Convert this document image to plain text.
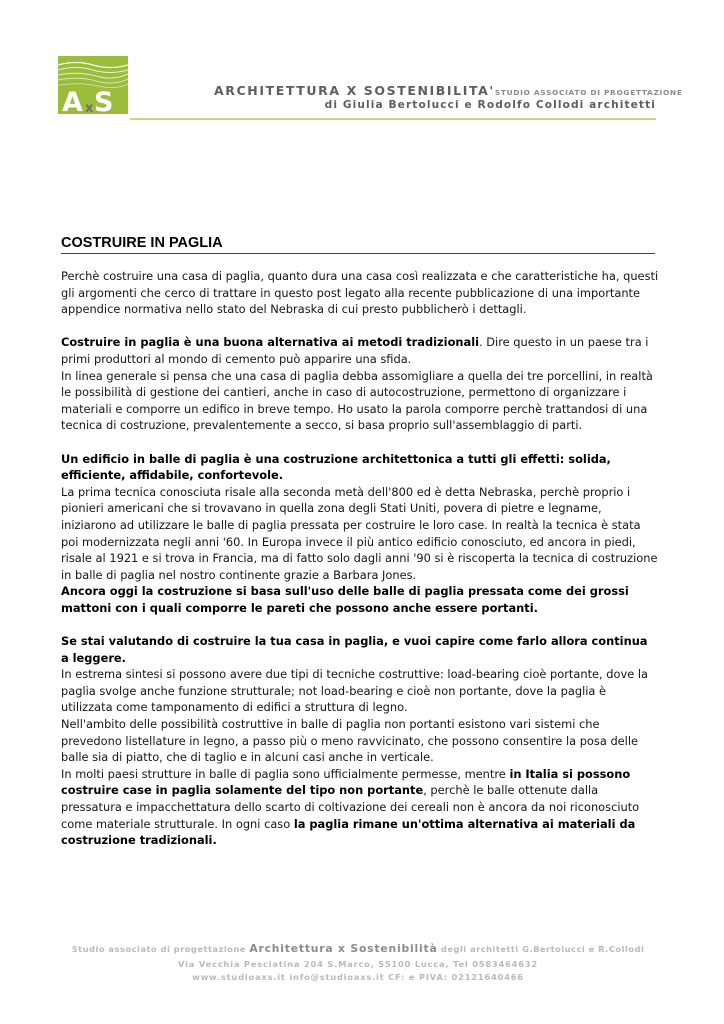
A x S	ARCHITETTURA X SOSTENIBILITA'STUDIO ASSOCIATO DI PROGETTAZIONE
di Giulia Bertolucci e Rodolfo Collodi architetti
COSTRUIRE IN PAGLIA

Perchè costruire una casa di paglia, quanto dura una casa così realizzata e che caratteristiche ha, questi gli argomenti che cerco di trattare in questo post legato alla recente pubblicazione di una importante appendice normativa nello stato del Nebraska di cui presto pubblicherò i dettagli.

Costruire in paglia è una buona alternativa ai metodi tradizionali. Dire questo in un paese tra i primi produttori al mondo di cemento può apparire una sfida.

In linea generale si pensa che una casa di paglia debba assomigliare a quella dei tre porcellini, in realtà le possibilità di gestione dei cantieri, anche in caso di autocostruzione, permettono di organizzare i materiali e comporre un edifico in breve tempo. Ho usato la parola comporre perchè trattandosi di una tecnica di costruzione, prevalentemente a secco, si basa proprio sull'assemblaggio di parti.

Un edificio in balle di paglia è una costruzione architettonica a tutti gli effetti: solida, efficiente, affidabile, confortevole.

La prima tecnica conosciuta risale alla seconda metà dell'800 ed è detta Nebraska, perchè proprio i pionieri americani che si trovavano in quella zona degli Stati Uniti, povera di pietre e legname, iniziarono ad utilizzare le balle di paglia pressata per costruire le loro case. In realtà la tecnica è stata poi modernizzata negli anni '60. In Europa invece il più antico edificio conosciuto, ed ancora in piedi, risale al 1921 e si trova in Francia, ma di fatto solo dagli anni '90 si è riscoperta la tecnica di costruzione in balle di paglia nel nostro continente grazie a Barbara Jones.

Ancora oggi la costruzione si basa sull'uso delle balle di paglia pressata come dei grossi mattoni con i quali comporre le pareti che possono anche essere portanti.

Se stai valutando di costruire la tua casa in paglia, e vuoi capire come farlo allora continua a leggere.

In estrema sintesi si possono avere due tipi di tecniche costruttive: load-bearing cioè portante, dove la paglia svolge anche funzione strutturale; not load-bearing e cioè non portante, dove la paglia è utilizzata come tamponamento di edifici a struttura di legno.

Nell'ambito delle possibilità costruttive in balle di paglia non portanti esistono vari sistemi che prevedono listellature in legno, a passo più o meno ravvicinato, che possono consentire la posa delle balle sia di piatto, che di taglio e in alcuni casi anche in verticale.

In molti paesi strutture in balle di paglia sono ufficialmente permesse, mentre in Italia si possono costruire case in paglia solamente del tipo non portante, perchè le balle ottenute dalla pressatura e impacchettatura dello scarto di coltivazione dei cereali non è ancora da noi riconosciuto come materiale strutturale. In ogni caso la paglia rimane un'ottima alternativa ai materiali da costruzione tradizionali.

Studio associato di progettazione Architettura x Sostenibilità degli architetti G.Bertolucci e R.Collodi
Via Vecchia Pesciatina 204 S.Marco, 55100 Lucca, Tel 0583464632
www.studioaxs.it info@studioaxs.it CF: e PIVA: 02121640466
